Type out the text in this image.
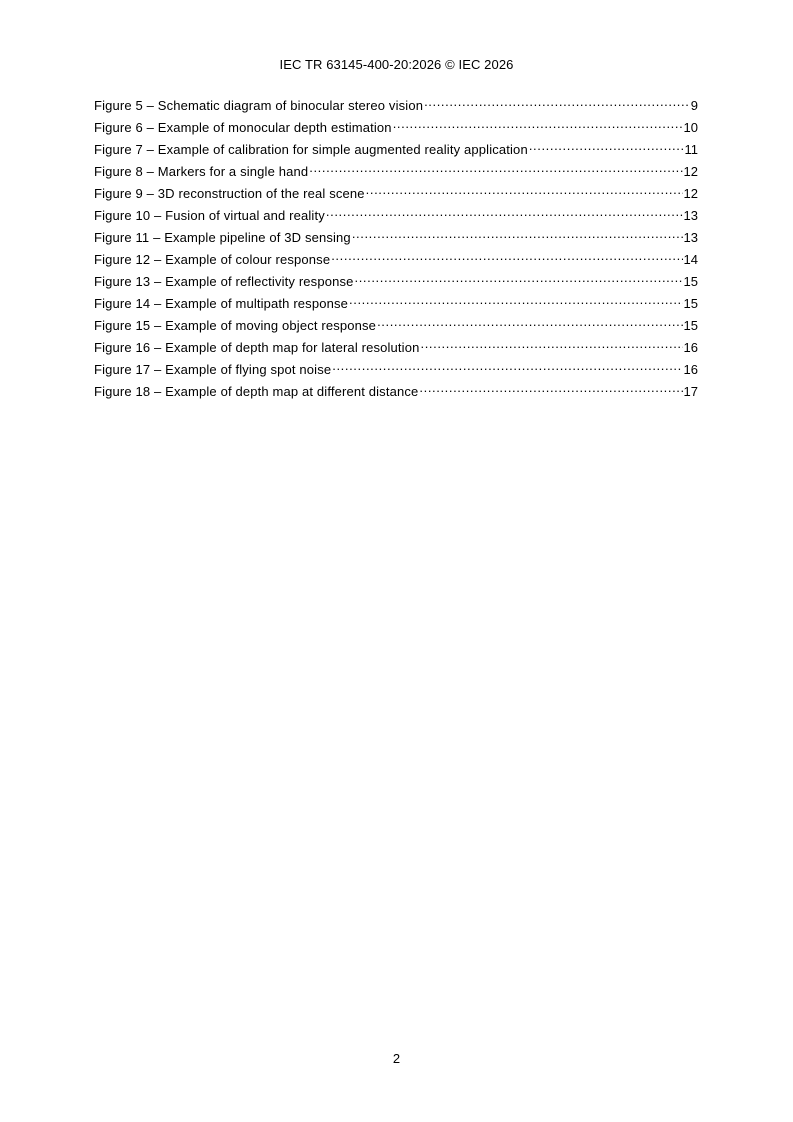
IEC TR 63145-400-20:2026 © IEC 2026
Figure 5 – Schematic diagram of binocular stereo vision .....	9
Figure 6 – Example of monocular depth estimation .....	10
Figure 7 – Example of calibration for simple augmented reality application .....	11
Figure 8 – Markers for a single hand .....	12
Figure 9 – 3D reconstruction of the real scene .....	12
Figure 10 – Fusion of virtual and reality .....	13
Figure 11 – Example pipeline of 3D sensing .....	13
Figure 12 – Example of colour response .....	14
Figure 13 – Example of reflectivity response .....	15
Figure 14 – Example of multipath response .....	15
Figure 15 – Example of moving object response .....	15
Figure 16 – Example of depth map for lateral resolution .....	16
Figure 17 – Example of flying spot noise .....	16
Figure 18 – Example of depth map at different distance .....	17
2
